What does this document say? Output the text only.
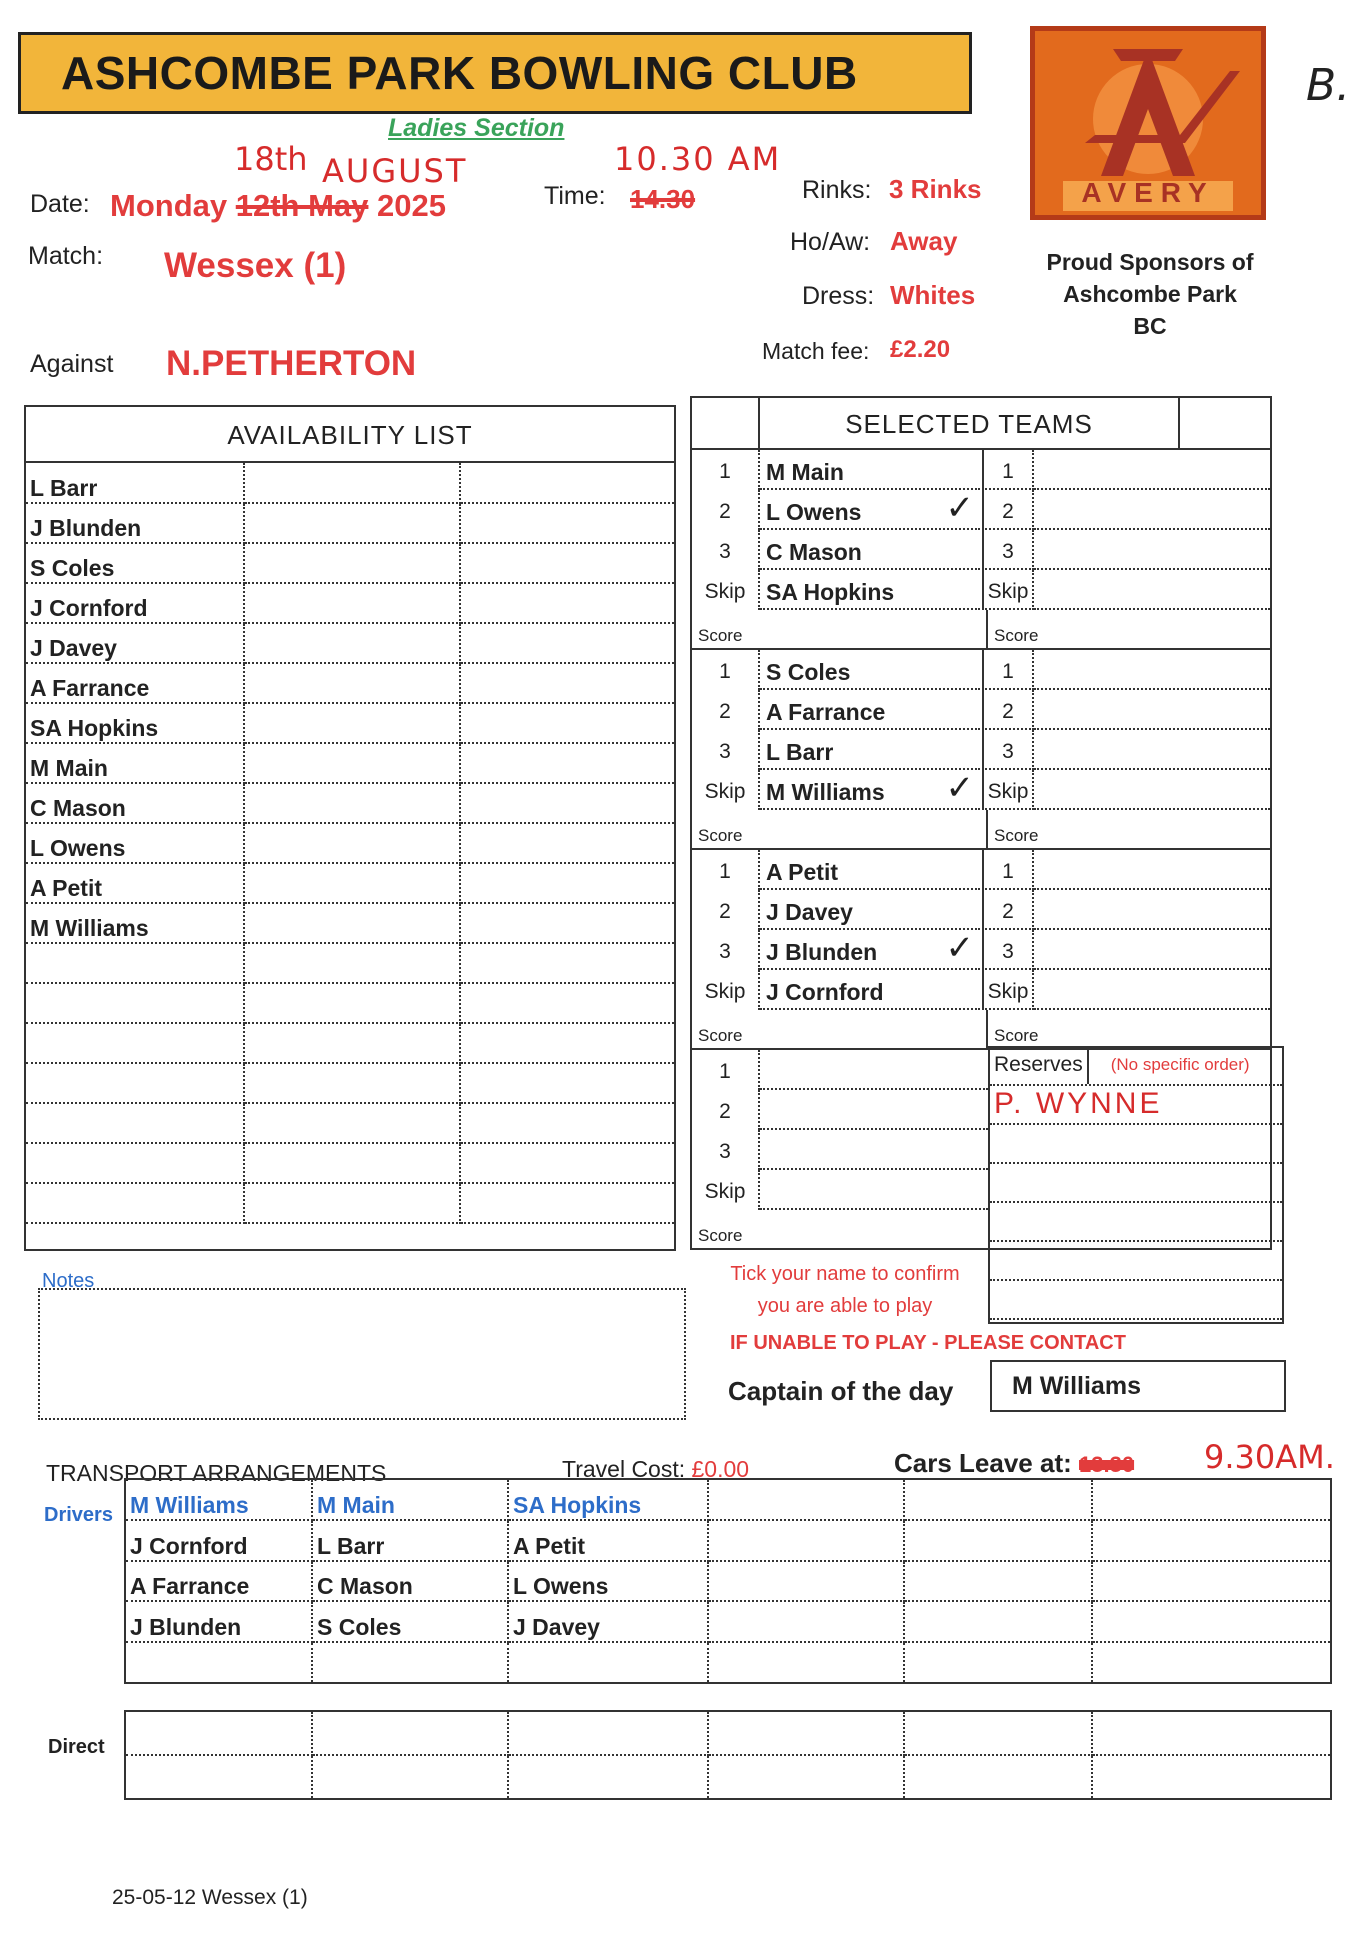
ASHCOMBE PARK BOWLING CLUB
Ladies Section
B.
AVERY
Proud Sponsors of
Ashcombe Park
BC
Date: Monday 12th May 2025
18th AUGUST
Time: 14.30
10.30 AM
Match: Wessex (1)
Against N.PETHERTON
Rinks: 3 Rinks
Ho/Aw: Away
Dress: Whites
Match fee: £2.20
AVAILABILITY LIST
L Barr		
J Blunden		
S Coles		
J Cornford		
J Davey		
A Farrance		
SA Hopkins		
M Main		
C Mason		
L Owens		
A Petit		
M Williams		

SELECTED TEAMS
1	M Main	1
2	L Owens ✓	2
3	C Mason	3
Skip SA Hopkins	Skip
Score	Score
1	S Coles	1
2	A Farrance	2
3	L Barr	3
Skip M Williams ✓ Skip
Score	Score
1	A Petit	1
2	J Davey	2
3	J Blunden ✓	3
Skip J Cornford	Skip
Score	Score
1
2
3
Skip
Score
Reserves	(No specific order)
P. WYNNE
Tick your name to confirm
you are able to play
IF UNABLE TO PLAY - PLEASE CONTACT
Captain of the day	M Williams
Notes
TRANSPORT ARRANGEMENTS	Travel Cost: £0.00	Cars Leave at: 13.30 9.30AM.
Drivers M Williams	M Main	SA Hopkins			
J Cornford	L Barr	A Petit			
A Farrance	C Mason	L Owens			
J Blunden	S Coles	J Davey			

Direct

25-05-12 Wessex (1)
